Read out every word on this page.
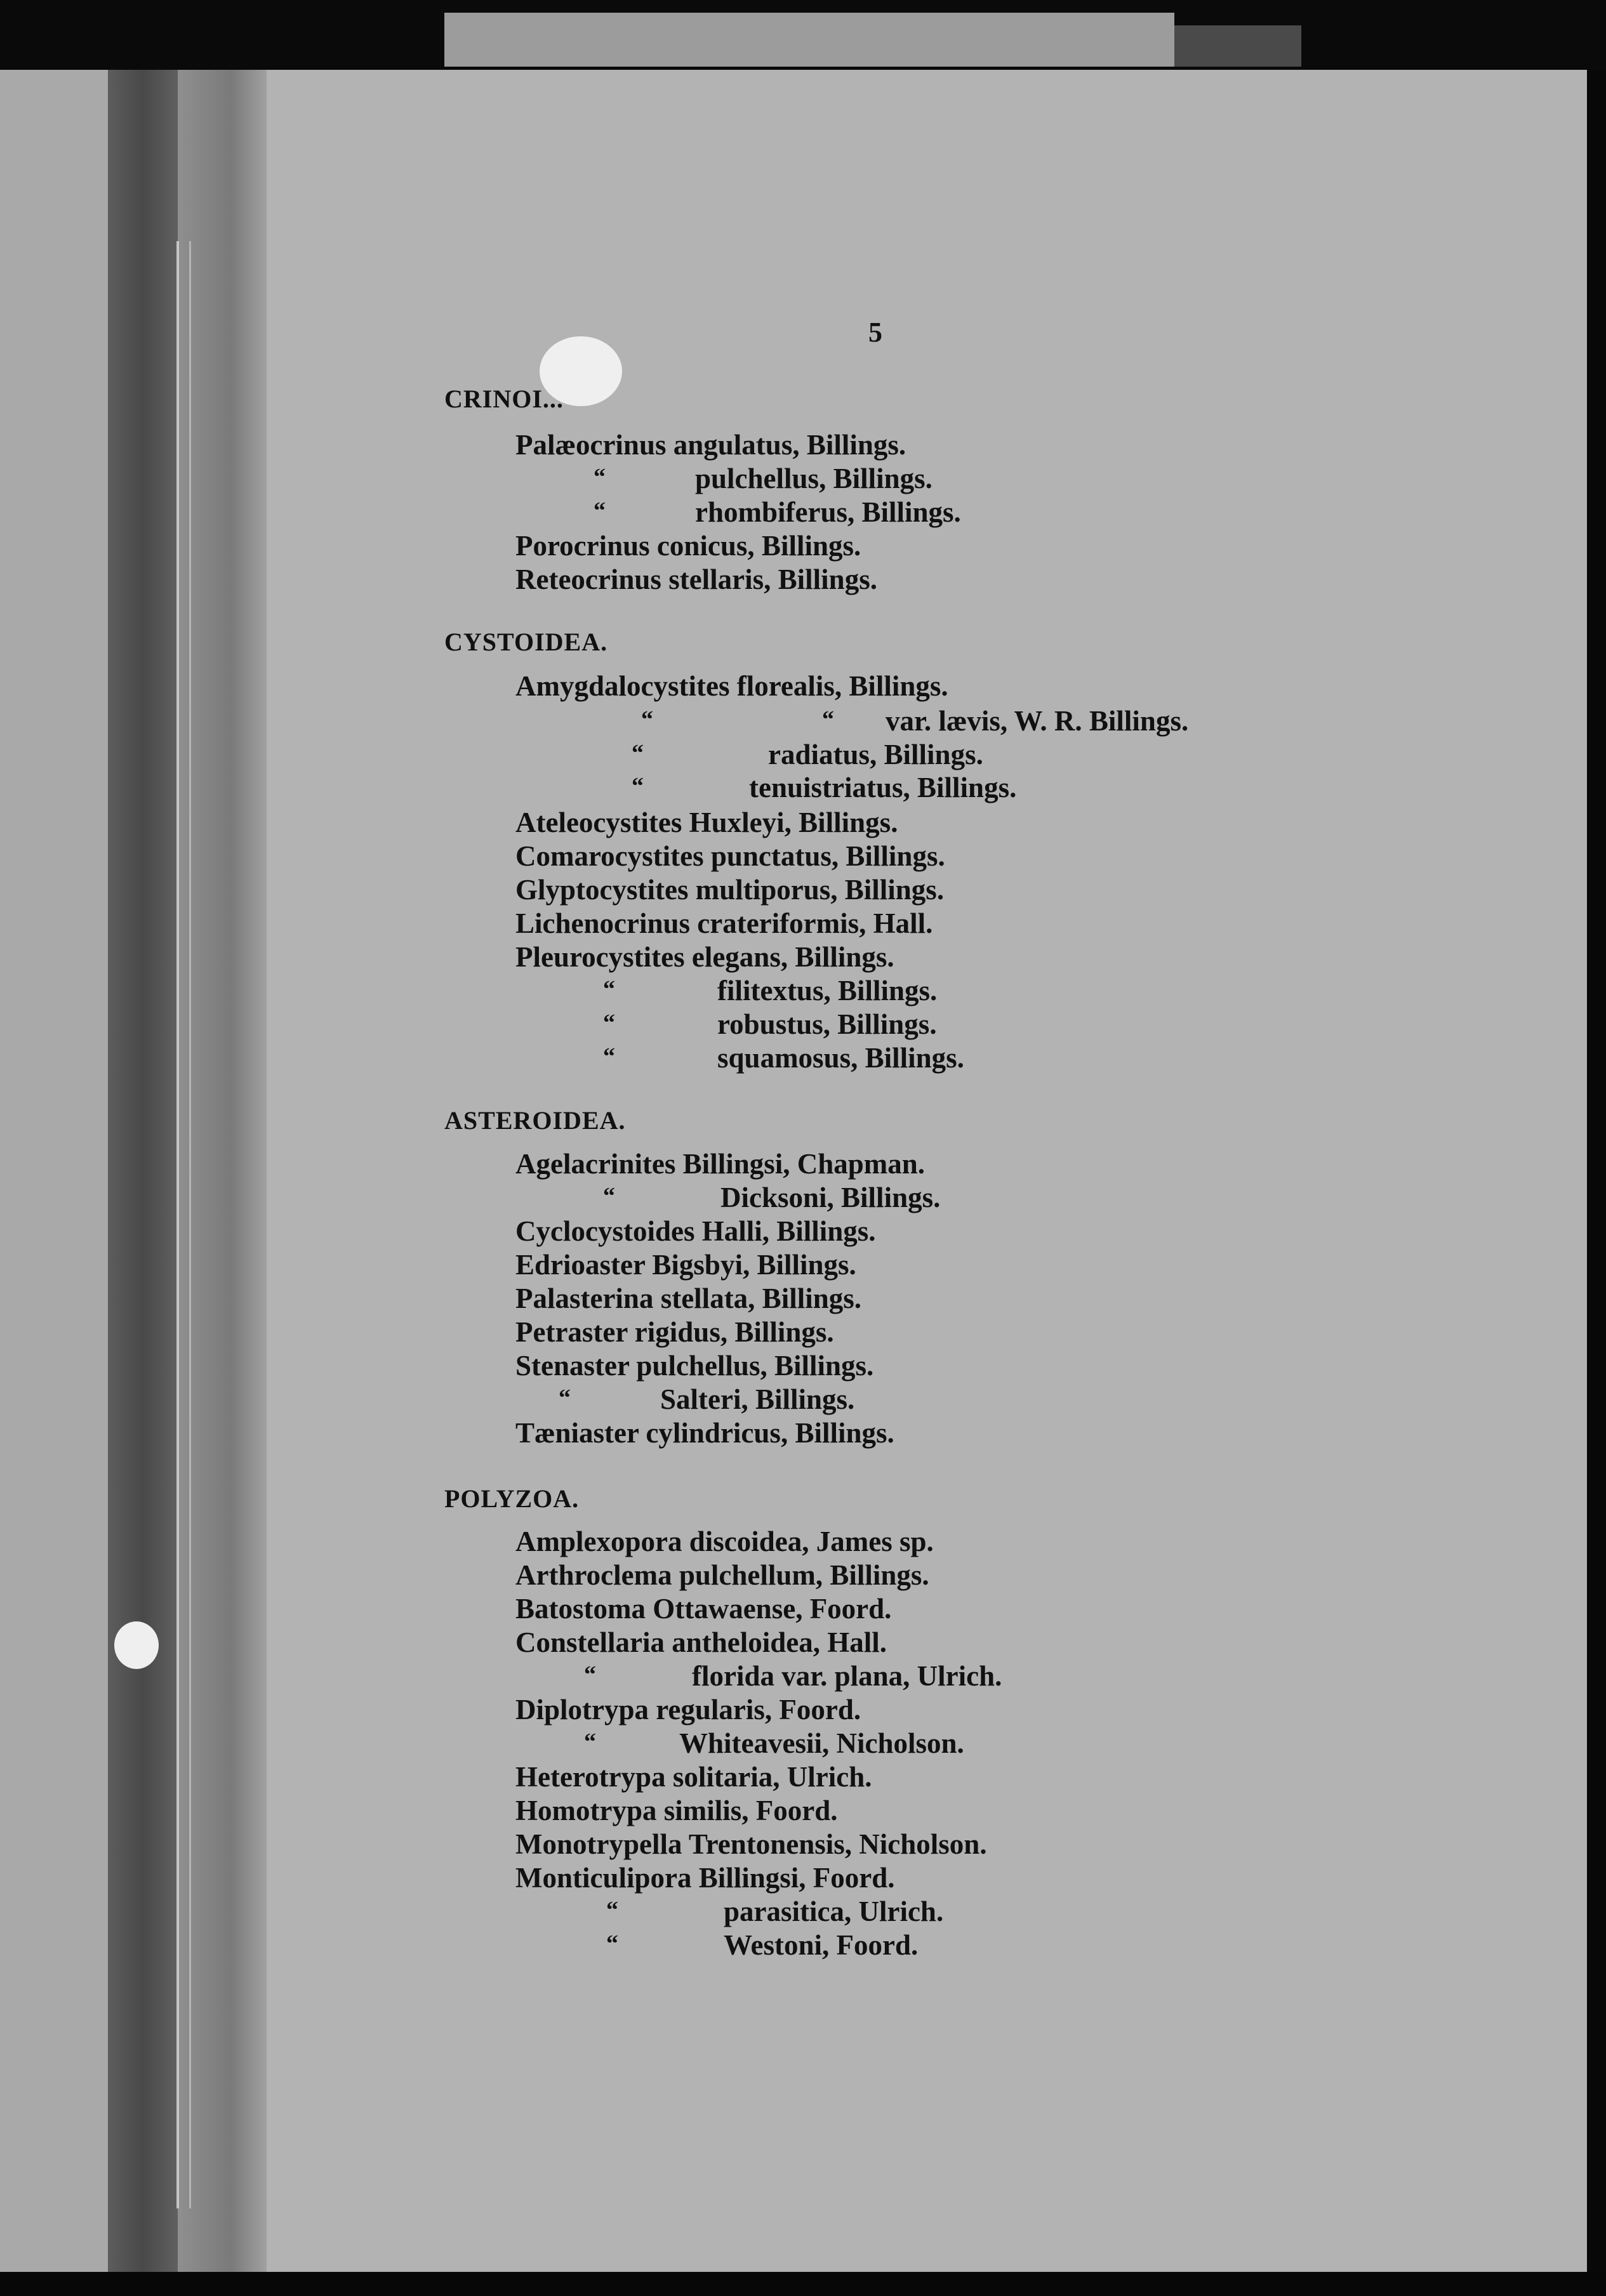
5
CRINOI...
Palæocrinus angulatus, Billings.
“	pulchellus, Billings.
“	rhombiferus, Billings.
Porocrinus conicus, Billings.
Reteocrinus stellaris, Billings.
CYSTOIDEA.
Amygdalocystites florealis, Billings.
“	“ var. lævis, W. R. Billings.
“	radiatus, Billings.
“	tenuistriatus, Billings.
Ateleocystites Huxleyi, Billings.
Comarocystites punctatus, Billings.
Glyptocystites multiporus, Billings.
Lichenocrinus crateriformis, Hall.
Pleurocystites elegans, Billings.
“	filitextus, Billings.
“	robustus, Billings.
“	squamosus, Billings.
ASTEROIDEA.
Agelacrinites Billingsi, Chapman.
“	Dicksoni, Billings.
Cyclocystoides Halli, Billings.
Edrioaster Bigsbyi, Billings.
Palasterina stellata, Billings.
Petraster rigidus, Billings.
Stenaster pulchellus, Billings.
“	Salteri, Billings.
Tæniaster cylindricus, Billings.
POLYZOA.
Amplexopora discoidea, James sp.
Arthroclema pulchellum, Billings.
Batostoma Ottawaense, Foord.
Constellaria antheloidea, Hall.
“	florida var. plana, Ulrich.
Diplotrypa regularis, Foord.
“	Whiteavesii, Nicholson.
Heterotrypa solitaria, Ulrich.
Homotrypa similis, Foord.
Monotrypella Trentonensis, Nicholson.
Monticulipora Billingsi, Foord.
“	parasitica, Ulrich.
“	Westoni, Foord.
